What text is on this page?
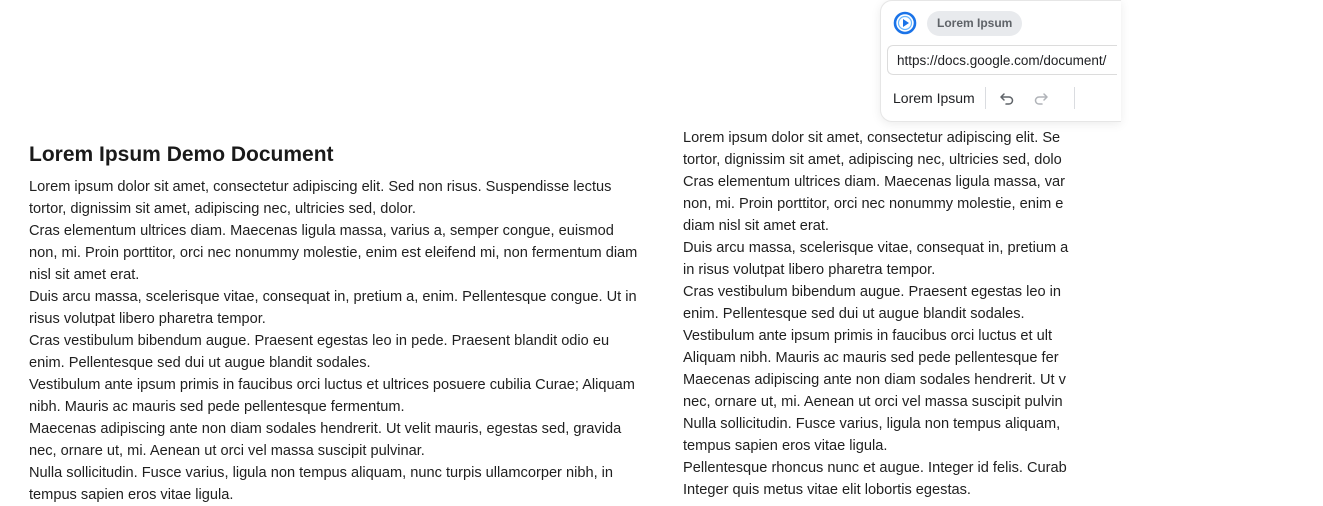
Lorem Ipsum Demo Document

Lorem ipsum dolor sit amet, consectetur adipiscing elit. Sed non risus. Suspendisse lectus tortor, dignissim sit amet, adipiscing nec, ultricies sed, dolor.

Cras elementum ultrices diam. Maecenas ligula massa, varius a, semper congue, euismod non, mi. Proin porttitor, orci nec nonummy molestie, enim est eleifend mi, non fermentum diam nisl sit amet erat.

Duis arcu massa, scelerisque vitae, consequat in, pretium a, enim. Pellentesque congue. Ut in risus volutpat libero pharetra tempor.

Cras vestibulum bibendum augue. Praesent egestas leo in pede. Praesent blandit odio eu enim. Pellentesque sed dui ut augue blandit sodales.

Vestibulum ante ipsum primis in faucibus orci luctus et ultrices posuere cubilia Curae; Aliquam nibh. Mauris ac mauris sed pede pellentesque fermentum.

Maecenas adipiscing ante non diam sodales hendrerit. Ut velit mauris, egestas sed, gravida nec, ornare ut, mi. Aenean ut orci vel massa suscipit pulvinar.

Nulla sollicitudin. Fusce varius, ligula non tempus aliquam, nunc turpis ullamcorper nibh, in tempus sapien eros vitae ligula.

Lorem ipsum dolor sit amet, consectetur adipiscing elit. Se
tortor, dignissim sit amet, adipiscing nec, ultricies sed, dolo
Cras elementum ultrices diam. Maecenas ligula massa, var
non, mi. Proin porttitor, orci nec nonummy molestie, enim e
diam nisl sit amet erat.
Duis arcu massa, scelerisque vitae, consequat in, pretium a
in risus volutpat libero pharetra tempor.
Cras vestibulum bibendum augue. Praesent egestas leo in
enim. Pellentesque sed dui ut augue blandit sodales.
Vestibulum ante ipsum primis in faucibus orci luctus et ult
Aliquam nibh. Mauris ac mauris sed pede pellentesque fer
Maecenas adipiscing ante non diam sodales hendrerit. Ut v
nec, ornare ut, mi. Aenean ut orci vel massa suscipit pulvin
Nulla sollicitudin. Fusce varius, ligula non tempus aliquam,
tempus sapien eros vitae ligula.
Pellentesque rhoncus nunc et augue. Integer id felis. Curab
Integer quis metus vitae elit lobortis egestas.
Lorem Ipsum
https://docs.google.com/document/
Lorem Ipsum
